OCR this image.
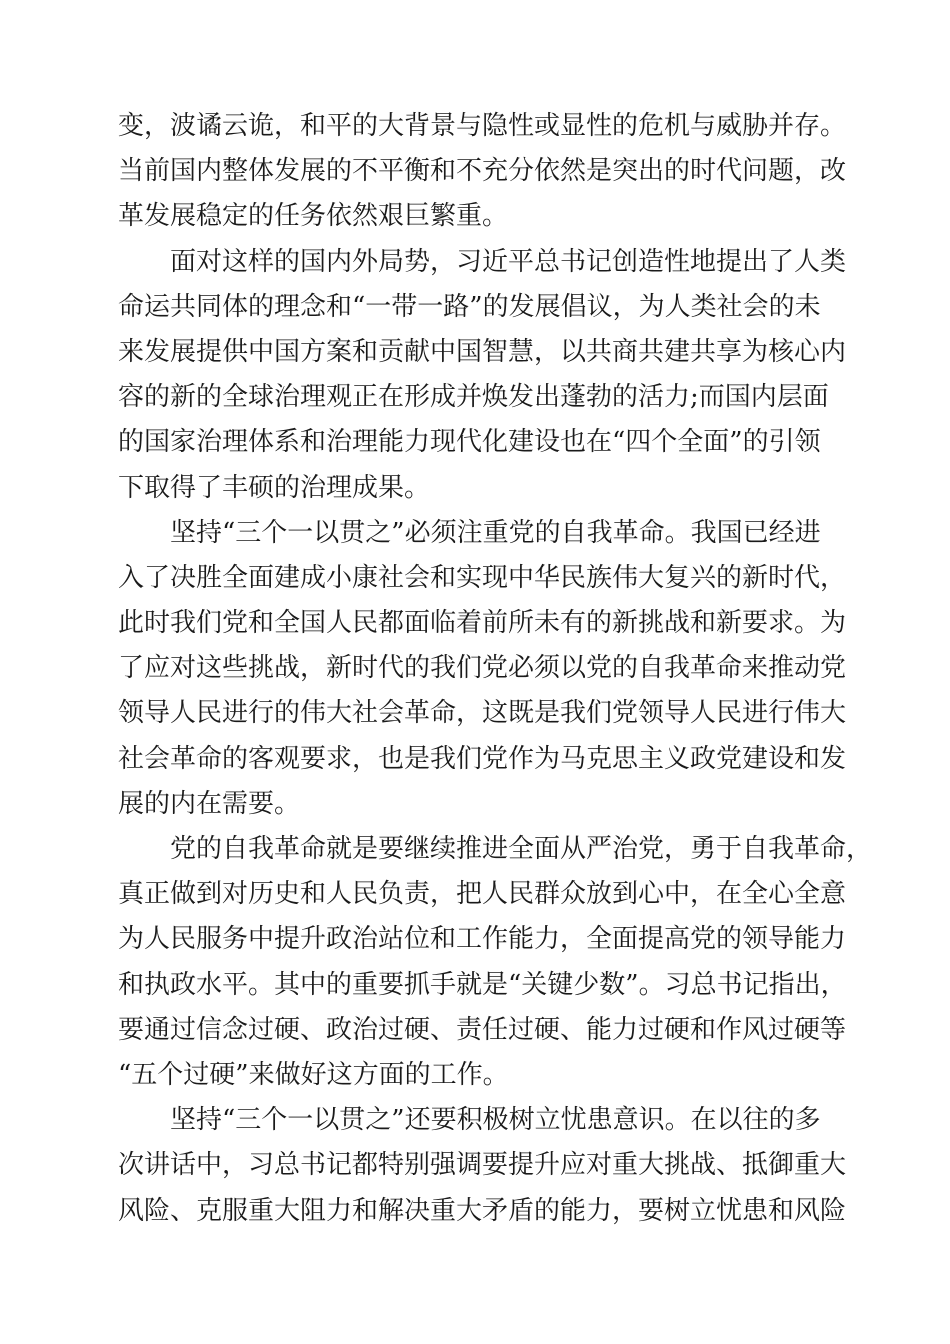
变，波谲云诡，和平的大背景与隐性或显性的危机与威胁并存。
当前国内整体发展的不平衡和不充分依然是突出的时代问题，改
革发展稳定的任务依然艰巨繁重。
面对这样的国内外局势，习近平总书记创造性地提出了人类
命运共同体的理念和“一带一路”的发展倡议，为人类社会的未
来发展提供中国方案和贡献中国智慧，以共商共建共享为核心内
容的新的全球治理观正在形成并焕发出蓬勃的活力;而国内层面
的国家治理体系和治理能力现代化建设也在“四个全面”的引领
下取得了丰硕的治理成果。
坚持“三个一以贯之”必须注重党的自我革命。我国已经进
入了决胜全面建成小康社会和实现中华民族伟大复兴的新时代，
此时我们党和全国人民都面临着前所未有的新挑战和新要求。为
了应对这些挑战，新时代的我们党必须以党的自我革命来推动党
领导人民进行的伟大社会革命，这既是我们党领导人民进行伟大
社会革命的客观要求，也是我们党作为马克思主义政党建设和发
展的内在需要。
党的自我革命就是要继续推进全面从严治党，勇于自我革命，
真正做到对历史和人民负责，把人民群众放到心中，在全心全意
为人民服务中提升政治站位和工作能力，全面提高党的领导能力
和执政水平。其中的重要抓手就是“关键少数”。习总书记指出，
要通过信念过硬、政治过硬、责任过硬、能力过硬和作风过硬等
“五个过硬”来做好这方面的工作。
坚持“三个一以贯之”还要积极树立忧患意识。在以往的多
次讲话中，习总书记都特别强调要提升应对重大挑战、抵御重大
风险、克服重大阻力和解决重大矛盾的能力，要树立忧患和风险
